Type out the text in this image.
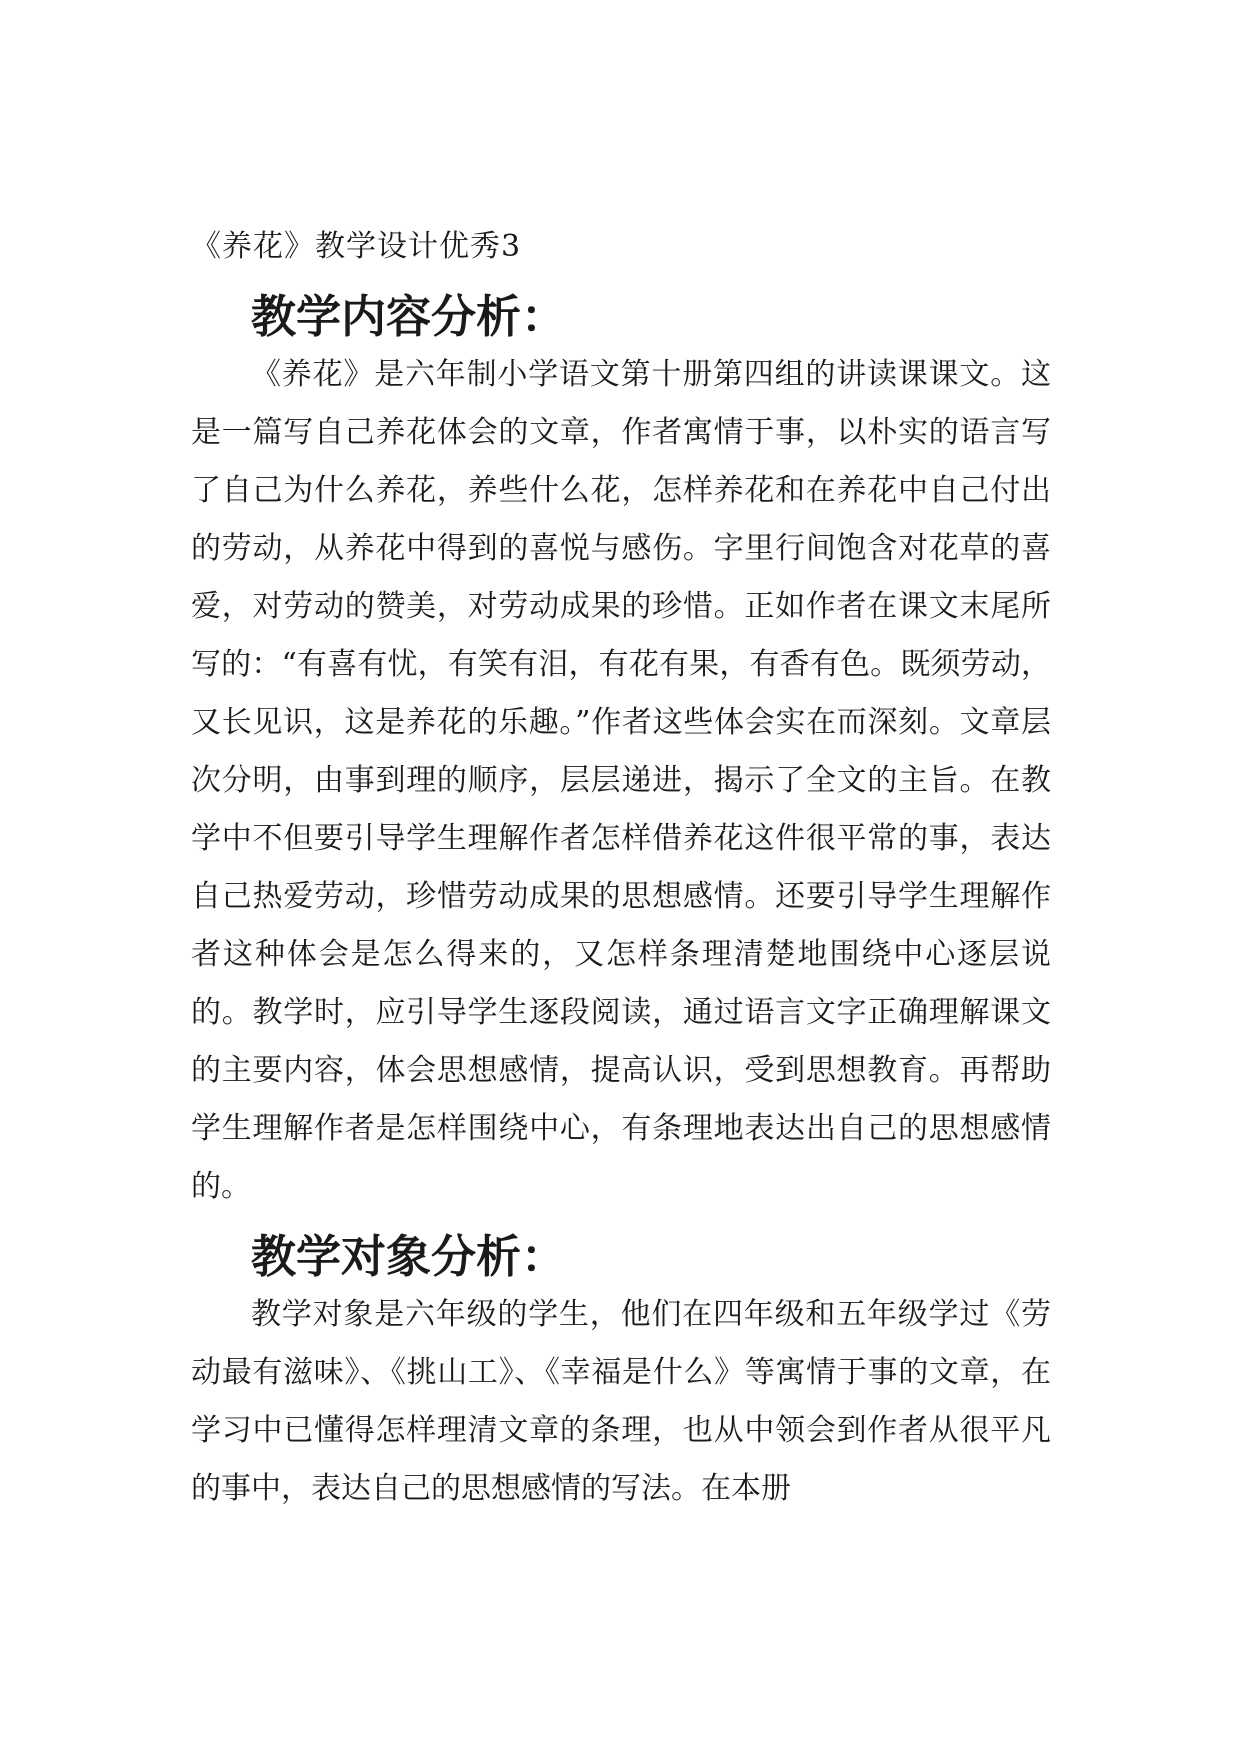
《养花》教学设计优秀3
教学内容分析：

《养花》是六年制小学语文第十册第四组的讲读课课文。这是一篇写自己养花体会的文章，作者寓情于事，以朴实的语言写了自己为什么养花，养些什么花，怎样养花和在养花中自己付出的劳动，从养花中得到的喜悦与感伤。字里行间饱含对花草的喜爱，对劳动的赞美，对劳动成果的珍惜。正如作者在课文末尾所写的：“有喜有忧，有笑有泪，有花有果，有香有色。既须劳动，又长见识，这是养花的乐趣。”作者这些体会实在而深刻。文章层次分明，由事到理的顺序，层层递进，揭示了全文的主旨。在教学中不但要引导学生理解作者怎样借养花这件很平常的事，表达自己热爱劳动，珍惜劳动成果的思想感情。还要引导学生理解作者这种体会是怎么得来的，又怎样条理清楚地围绕中心逐层说的。教学时，应引导学生逐段阅读，通过语言文字正确理解课文的主要内容，体会思想感情，提高认识，受到思想教育。再帮助学生理解作者是怎样围绕中心，有条理地表达出自己的思想感情的。

教学对象分析：

教学对象是六年级的学生，他们在四年级和五年级学过《劳动最有滋味》、《挑山工》、《幸福是什么》等寓情于事的文章，在学习中已懂得怎样理清文章的条理，也从中领会到作者从很平凡的事中，表达自己的思想感情的写法。在本册
